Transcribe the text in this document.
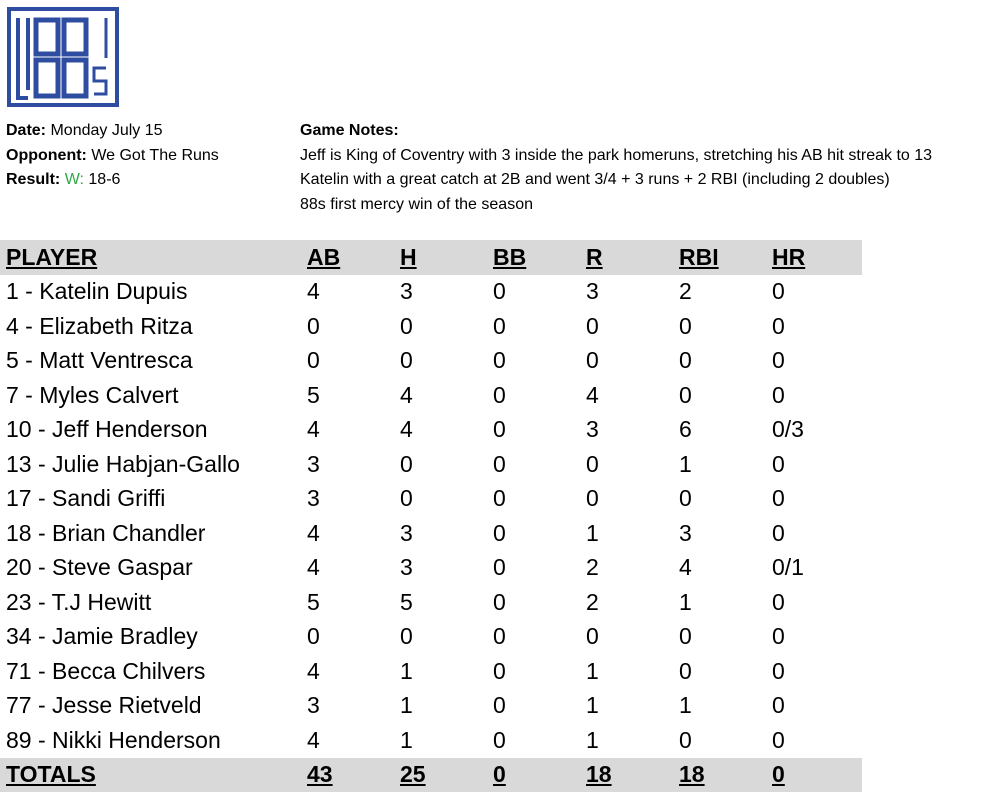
Date: Monday July 15
Opponent: We Got The Runs
Result: W: 18-6
Game Notes:
Jeff is King of Coventry with 3 inside the park homeruns, stretching his AB hit streak to 13
Katelin with a great catch at 2B and went 3/4 + 3 runs + 2 RBI (including 2 doubles)
88s first mercy win of the season
PLAYER	AB	H	BB	R	RBI	HR
1 - Katelin Dupuis	4	3	0	3	2	0
4 - Elizabeth Ritza	0	0	0	0	0	0
5 - Matt Ventresca	0	0	0	0	0	0
7 - Myles Calvert	5	4	0	4	0	0
10 - Jeff Henderson	4	4	0	3	6	0/3
13 - Julie Habjan-Gallo	3	0	0	0	1	0
17 - Sandi Griffi	3	0	0	0	0	0
18 - Brian Chandler	4	3	0	1	3	0
20 - Steve Gaspar	4	3	0	2	4	0/1
23 - T.J Hewitt	5	5	0	2	1	0
34 - Jamie Bradley	0	0	0	0	0	0
71 - Becca Chilvers	4	1	0	1	0	0
77 - Jesse Rietveld	3	1	0	1	1	0
89 - Nikki Henderson	4	1	0	1	0	0
TOTALS	43	25	0	18	18	0
